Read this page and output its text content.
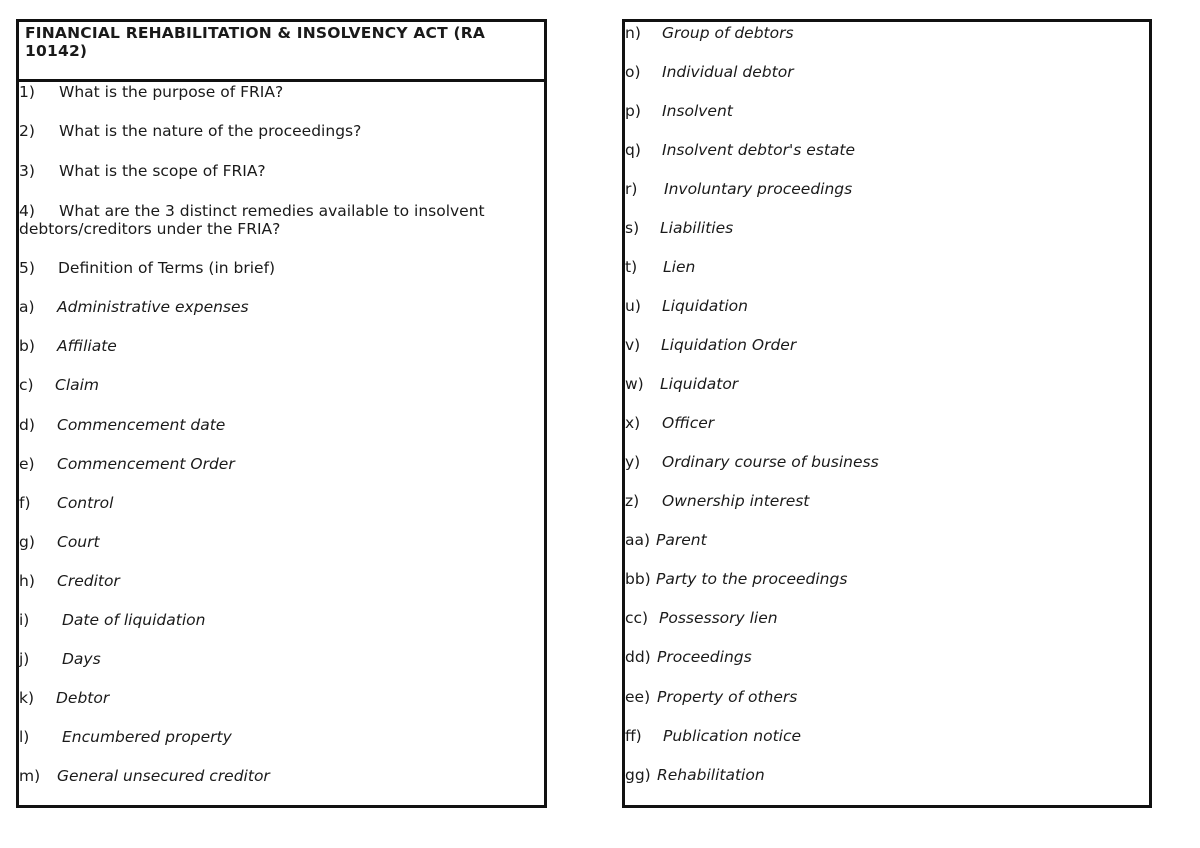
FINANCIAL REHABILITATION & INSOLVENCY ACT (RA 10142)
1) What is the purpose of FRIA?
2) What is the nature of the proceedings?
3) What is the scope of FRIA?
4) What are the 3 distinct remedies available to insolvent debtors/creditors under the FRIA?
5) Definition of Terms (in brief)
a) Administrative expenses
b) Affiliate
c) Claim
d) Commencement date
e) Commencement Order
f) Control
g) Court
h) Creditor
i) Date of liquidation
j) Days
k) Debtor
l) Encumbered property
m) General unsecured creditor
n) Group of debtors
o) Individual debtor
p) Insolvent
q) Insolvent debtor's estate
r) Involuntary proceedings
s) Liabilities
t) Lien
u) Liquidation
v) Liquidation Order
w) Liquidator
x) Officer
y) Ordinary course of business
z) Ownership interest
aa) Parent
bb) Party to the proceedings
cc) Possessory lien
dd) Proceedings
ee) Property of others
ff) Publication notice
gg) Rehabilitation
